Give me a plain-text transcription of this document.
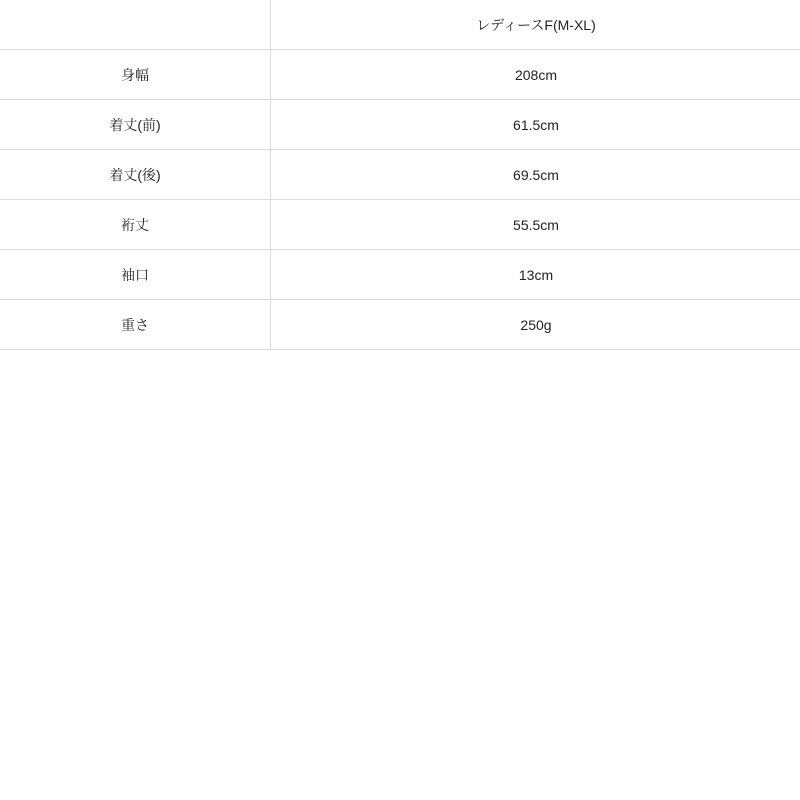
	レディースF(M-XL)
身幅	208cm
着丈(前)	61.5cm
着丈(後)	69.5cm
裄丈	55.5cm
袖口	13cm
重さ	250g
